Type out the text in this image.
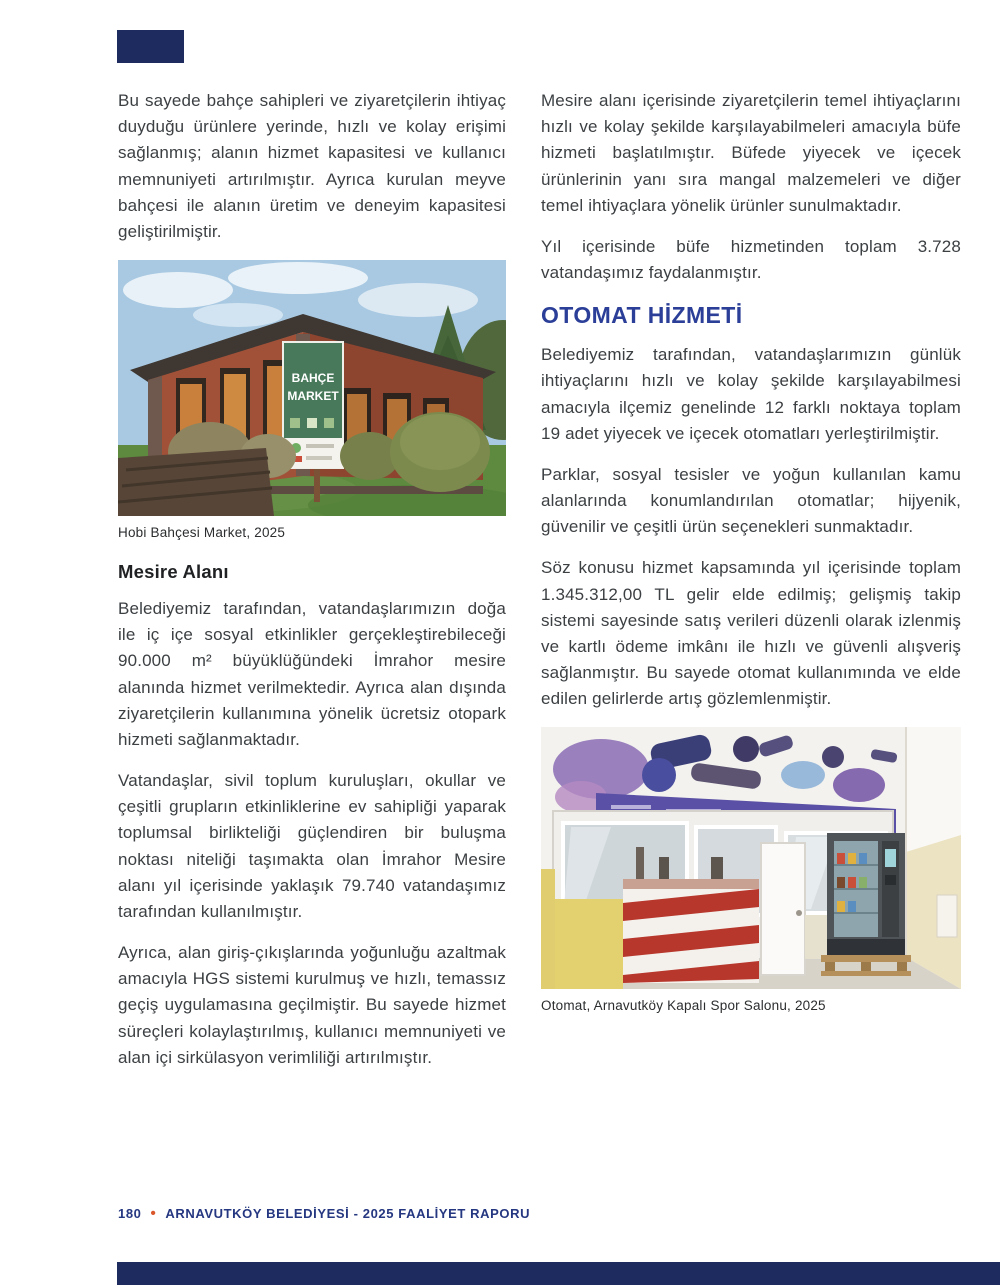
Bu sayede bahçe sahipleri ve ziyaretçilerin ihtiyaç duyduğu ürünlere yerinde, hızlı ve kolay erişimi sağlanmış; alanın hizmet kapasitesi ve kullanıcı memnuniyeti artırılmıştır. Ayrıca kurulan meyve bahçesi ile alanın üretim ve deneyim kapasitesi geliştirilmiştir.

BAHÇE
MARKET

Hobi Bahçesi Market, 2025

Mesire Alanı

Belediyemiz tarafından, vatandaşlarımızın doğa ile iç içe sosyal etkinlikler gerçekleştirebileceği 90.000 m² büyüklüğündeki İmrahor mesire alanında hizmet verilmektedir. Ayrıca alan dışında ziyaretçilerin kullanımına yönelik ücretsiz otopark hizmeti sağlanmaktadır.

Vatandaşlar, sivil toplum kuruluşları, okullar ve çeşitli grupların etkinliklerine ev sahipliği yaparak toplumsal birlikteliği güçlendiren bir buluşma noktası niteliği taşımakta olan İmrahor Mesire alanı yıl içerisinde yaklaşık 79.740 vatandaşımız tarafından kullanılmıştır.

Ayrıca, alan giriş-çıkışlarında yoğunluğu azaltmak amacıyla HGS sistemi kurulmuş ve hızlı, temassız geçiş uygulamasına geçilmiştir. Bu sayede hizmet süreçleri kolaylaştırılmış, kullanıcı memnuniyeti ve alan içi sirkülasyon verimliliği artırılmıştır.

Mesire alanı içerisinde ziyaretçilerin temel ihtiyaçlarını hızlı ve kolay şekilde karşılayabilmeleri amacıyla büfe hizmeti başlatılmıştır. Büfede yiyecek ve içecek ürünlerinin yanı sıra mangal malzemeleri ve diğer temel ihtiyaçlara yönelik ürünler sunulmaktadır.

Yıl içerisinde büfe hizmetinden toplam 3.728 vatandaşımız faydalanmıştır.

OTOMAT HİZMETİ

Belediyemiz tarafından, vatandaşlarımızın günlük ihtiyaçlarını hızlı ve kolay şekilde karşılayabilmesi amacıyla ilçemiz genelinde 12 farklı noktaya toplam 19 adet yiyecek ve içecek otomatları yerleştirilmiştir.

Parklar, sosyal tesisler ve yoğun kullanılan kamu alanlarında konumlandırılan otomatlar; hijyenik, güvenilir ve çeşitli ürün seçenekleri sunmaktadır.

Söz konusu hizmet kapsamında yıl içerisinde toplam 1.345.312,00 TL gelir elde edilmiş; gelişmiş takip sistemi sayesinde satış verileri düzenli olarak izlenmiş ve kartlı ödeme imkânı ile hızlı ve güvenli alışveriş sağlanmıştır. Bu sayede otomat kullanımında ve elde edilen gelirlerde artış gözlemlenmiştir.

Otomat, Arnavutköy Kapalı Spor Salonu, 2025

180 • ARNAVUTKÖY BELEDİYESİ - 2025 FAALİYET RAPORU
